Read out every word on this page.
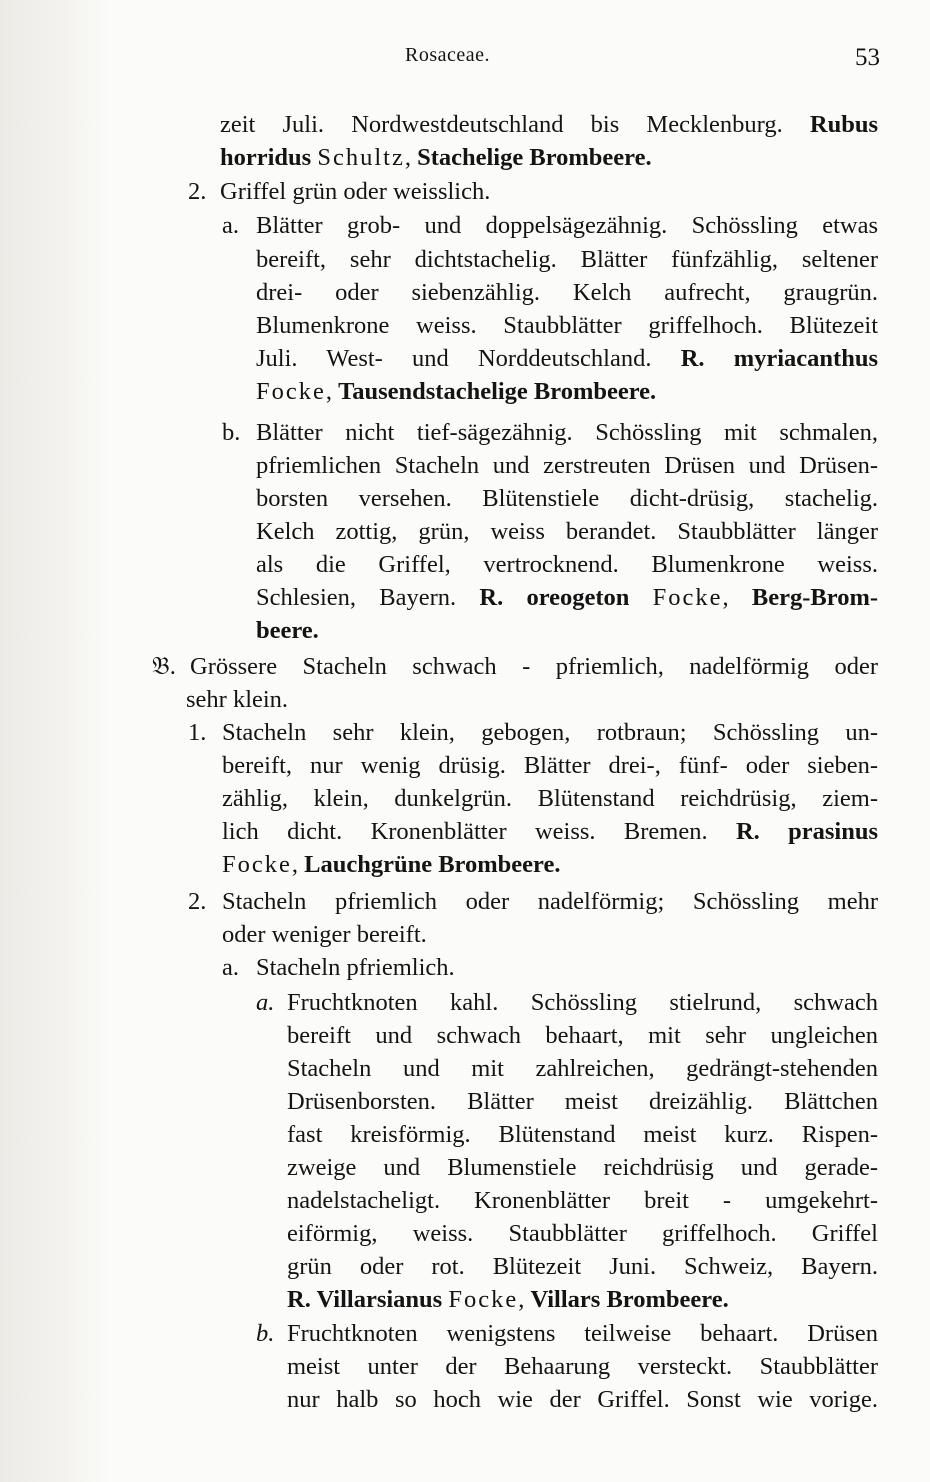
Rosaceae.	53
zeit Juli. Nordwestdeutschland bis Mecklenburg. Rubus
horridus Schultz, Stachelige Brombeere.
Griffel grün oder weisslich.
Blätter grob- und doppelsägezähnig. Schössling etwas
bereift, sehr dichtstachelig. Blätter fünfzählig, seltener
drei- oder siebenzählig. Kelch aufrecht, graugrün.
Blumenkrone weiss. Staubblätter griffelhoch. Blütezeit
Juli. West- und Norddeutschland. R. myriacanthus
Focke, Tausendstachelige Brombeere.
Blätter nicht tief-sägezähnig. Schössling mit schmalen,
pfriemlichen Stacheln und zerstreuten Drüsen und Drüsen-
borsten versehen. Blütenstiele dicht-drüsig, stachelig.
Kelch zottig, grün, weiss berandet. Staubblätter länger
als die Griffel, vertrocknend. Blumenkrone weiss.
Schlesien, Bayern. R. oreogeton Focke, Berg-Brom-
beere.
Grössere Stacheln schwach - pfriemlich, nadelförmig oder
sehr klein.
Stacheln sehr klein, gebogen, rotbraun; Schössling un-
bereift, nur wenig drüsig. Blätter drei-, fünf- oder sieben-
zählig, klein, dunkelgrün. Blütenstand reichdrüsig, ziem-
lich dicht. Kronenblätter weiss. Bremen. R. prasinus
Focke, Lauchgrüne Brombeere.
Stacheln pfriemlich oder nadelförmig; Schössling mehr
oder weniger bereift.
Stacheln pfriemlich.
Fruchtknoten kahl. Schössling stielrund, schwach
bereift und schwach behaart, mit sehr ungleichen
Stacheln und mit zahlreichen, gedrängt-stehenden
Drüsenborsten. Blätter meist dreizählig. Blättchen
fast kreisförmig. Blütenstand meist kurz. Rispen-
zweige und Blumenstiele reichdrüsig und gerade-
nadelstacheligt. Kronenblätter breit - umgekehrt-
eiförmig, weiss. Staubblätter griffelhoch. Griffel
grün oder rot. Blütezeit Juni. Schweiz, Bayern.
R. Villarsianus Focke, Villars Brombeere.
Fruchtknoten wenigstens teilweise behaart. Drüsen
meist unter der Behaarung versteckt. Staubblätter
nur halb so hoch wie der Griffel. Sonst wie vorige.
2.
a.
b.
𝔅.
1.
2.
a.
a.
b.
